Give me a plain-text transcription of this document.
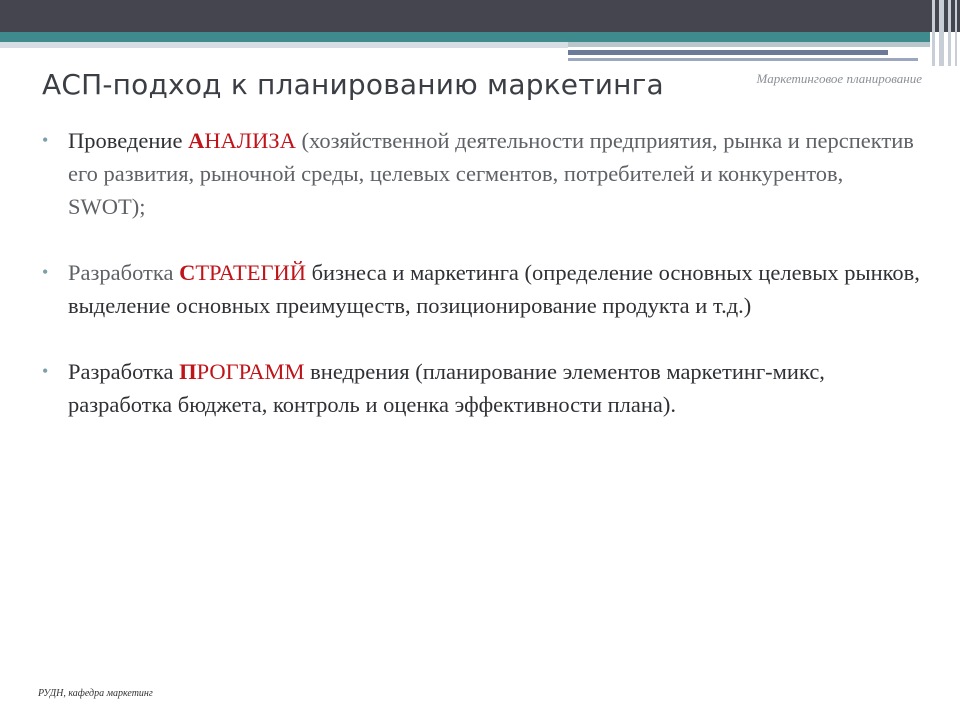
Маркетинговое планирование
АСП-подход к планированию маркетинга
• Проведение АНАЛИЗА (хозяйственной деятельности предприятия, рынка и перспектив его развития, рыночной среды, целевых сегментов, потребителей и конкурентов, SWOT);
• Разработка СТРАТЕГИЙ бизнеса и маркетинга (определение основных целевых рынков, выделение основных преимуществ, позиционирование продукта и т.д.)
• Разработка ПРОГРАММ внедрения (планирование элементов маркетинг-микс, разработка бюджета, контроль и оценка эффективности плана).
РУДН, кафедра маркетинг
